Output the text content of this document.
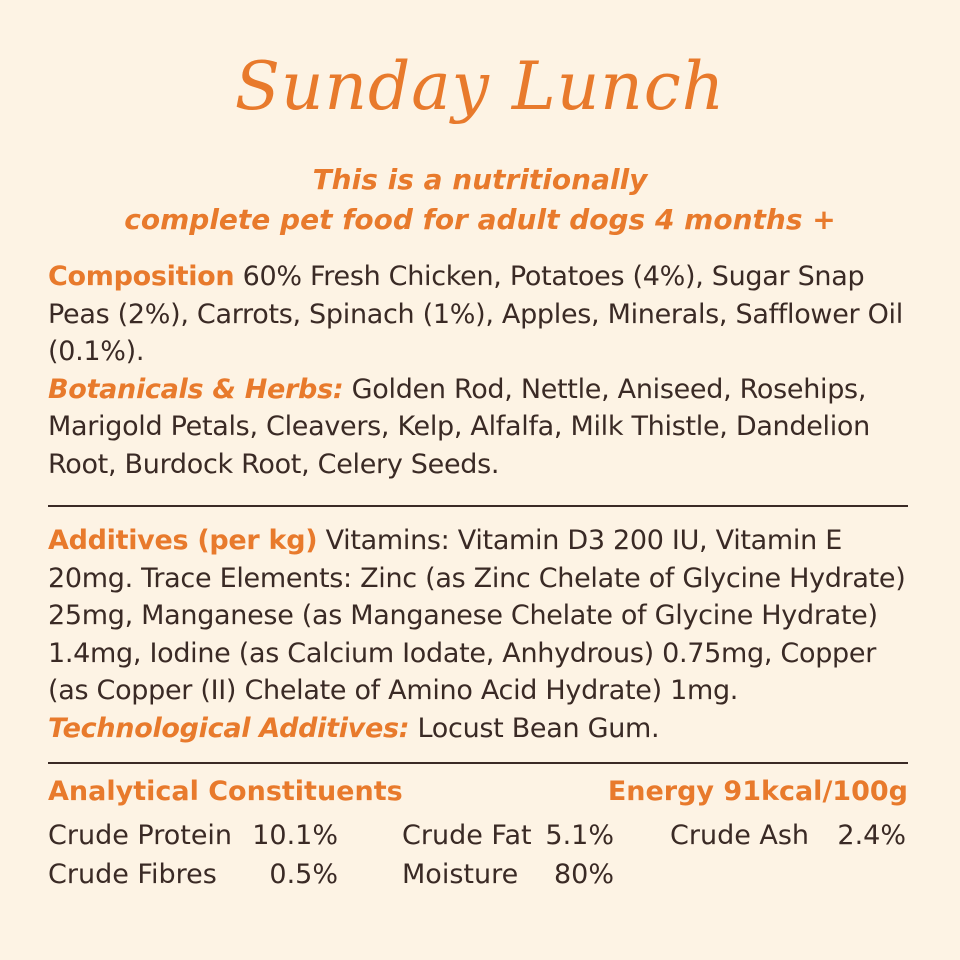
Sunday Lunch
This is a nutritionally
complete pet food for adult dogs 4 months +
Composition 60% Fresh Chicken, Potatoes (4%), Sugar Snap Peas (2%), Carrots, Spinach (1%), Apples, Minerals, Safflower Oil (0.1%).
Botanicals & Herbs: Golden Rod, Nettle, Aniseed, Rosehips, Marigold Petals, Cleavers, Kelp, Alfalfa, Milk Thistle, Dandelion Root, Burdock Root, Celery Seeds.
Additives (per kg) Vitamins: Vitamin D3 200 IU, Vitamin E 20mg. Trace Elements: Zinc (as Zinc Chelate of Glycine Hydrate) 25mg, Manganese (as Manganese Chelate of Glycine Hydrate) 1.4mg, Iodine (as Calcium Iodate, Anhydrous) 0.75mg, Copper (as Copper (II) Chelate of Amino Acid Hydrate) 1mg.
Technological Additives: Locust Bean Gum.
Analytical Constituents	Energy 91kcal/100g
Crude Protein 10.1% Crude Fat 5.1% Crude Ash 2.4%
Crude Fibres 0.5% Moisture 80%
